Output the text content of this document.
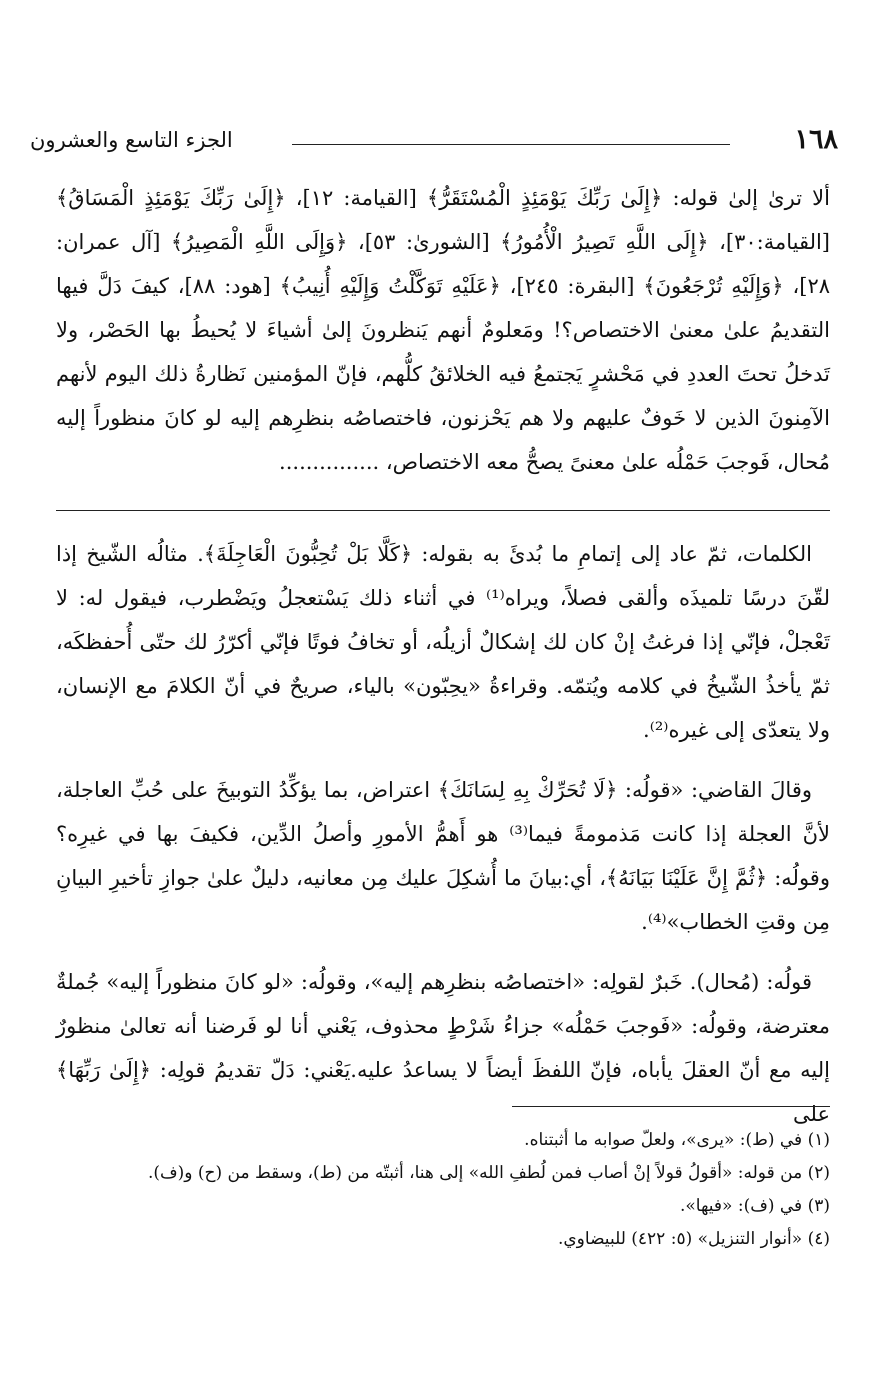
١٦٨
الجزء التاسع والعشرون

ألا ترىٰ إلىٰ قوله: ﴿إِلَىٰ رَبِّكَ يَوْمَئِذٍ الْمُسْتَقَرُّ﴾ [القيامة: ١٢]، ﴿إِلَىٰ رَبِّكَ يَوْمَئِذٍ الْمَسَاقُ﴾ [القيامة:٣٠]، ﴿إِلَى اللَّهِ تَصِيرُ الْأُمُورُ﴾ [الشورىٰ: ٥٣]، ﴿وَإِلَى اللَّهِ الْمَصِيرُ﴾ [آل عمران: ٢٨]، ﴿وَإِلَيْهِ تُرْجَعُونَ﴾ [البقرة: ٢٤٥]، ﴿عَلَيْهِ تَوَكَّلْتُ وَإِلَيْهِ أُنِيبُ﴾ [هود: ٨٨]، كيفَ دَلَّ فيها التقديمُ علىٰ معنىٰ الاختصاص؟! ومَعلومٌ أنهم يَنظرونَ إلىٰ أشياءَ لا يُحيطُ بها الحَصْر، ولا تَدخلُ تحتَ العددِ في مَحْشرٍ يَجتمعُ فيه الخلائقُ كلُّهم، فإنّ المؤمنين نَظارةُ ذلك اليوم لأنهم الآمِنونَ الذين لا خَوفٌ عليهم ولا هم يَحْزنون، فاختصاصُه بنظرِهم إليه لو كانَ منظوراً إليه مُحال، فَوجبَ حَمْلُه علىٰ معنىً يصحُّ معه الاختصاص، ...............

الكلمات، ثمّ عاد إلى إتمامِ ما بُدئَ به بقوله: ﴿كَلَّا بَلْ تُحِبُّونَ الْعَاجِلَةَ﴾. مثالُه الشّيخ إذا لقّنَ درسًا تلميذَه وألقى فصلاً، ويراه⁽¹⁾ في أثناء ذلك يَسْتعجلُ ويَضْطرب، فيقول له: لا تَعْجلْ، فإنّي إذا فرغتُ إنْ كان لك إشكالٌ أزيلُه، أو تخافُ فوتًا فإنّي أكرّرُ لك حتّى أُحفظكَه، ثمّ يأخذُ الشّيخُ في كلامه ويُتمّه. وقراءةُ «يحِبّون» بالياء، صريحٌ في أنّ الكلامَ مع الإنسان، ولا يتعدّى إلى غيره⁽²⁾.

وقالَ القاضي: «قولُه: ﴿لَا تُحَرِّكْ بِهِ لِسَانَكَ﴾ اعتراض، بما يؤكِّدُ التوبيخَ على حُبِّ العاجلة، لأنَّ العجلة إذا كانت مَذمومةً فيما⁽³⁾ هو أَهمُّ الأمورِ وأصلُ الدِّين، فكيفَ بها في غيرِه؟ وقولُه: ﴿ثُمَّ إِنَّ عَلَيْنَا بَيَانَهُ﴾، أي:بيانَ ما أُشكِلَ عليك مِن معانيه، دليلٌ علىٰ جوازِ تأخيرِ البيانِ مِن وقتِ الخطاب»⁽⁴⁾.

قولُه: (مُحال). خَبرٌ لقولِه: «اختصاصُه بنظرِهم إليه»، وقولُه: «لو كانَ منظوراً إليه» جُملةٌ معترضة، وقولُه: «فَوجبَ حَمْلُه» جزاءُ شَرْطٍ محذوف، يَعْني أنا لو فَرضنا أنه تعالىٰ منظورٌ إليه مع أنّ العقلَ يأباه، فإنّ اللفظَ أيضاً لا يساعدُ عليه.يَعْني: دَلّ تقديمُ قولِه: ﴿إِلَىٰ رَبِّهَا﴾ على

(١) في (ط): «يرى»، ولعلّ صوابه ما أثبتناه.

(٢) من قوله: «أقولُ قولاً إنْ أصاب فمن لُطفِ الله» إلى هنا، أثبتّه من (ط)، وسقط من (ح) و(ف).

(٣) في (ف): «فيها».

(٤) «أنوار التنزيل» (٥: ٤٢٢) للبيضاوي.
